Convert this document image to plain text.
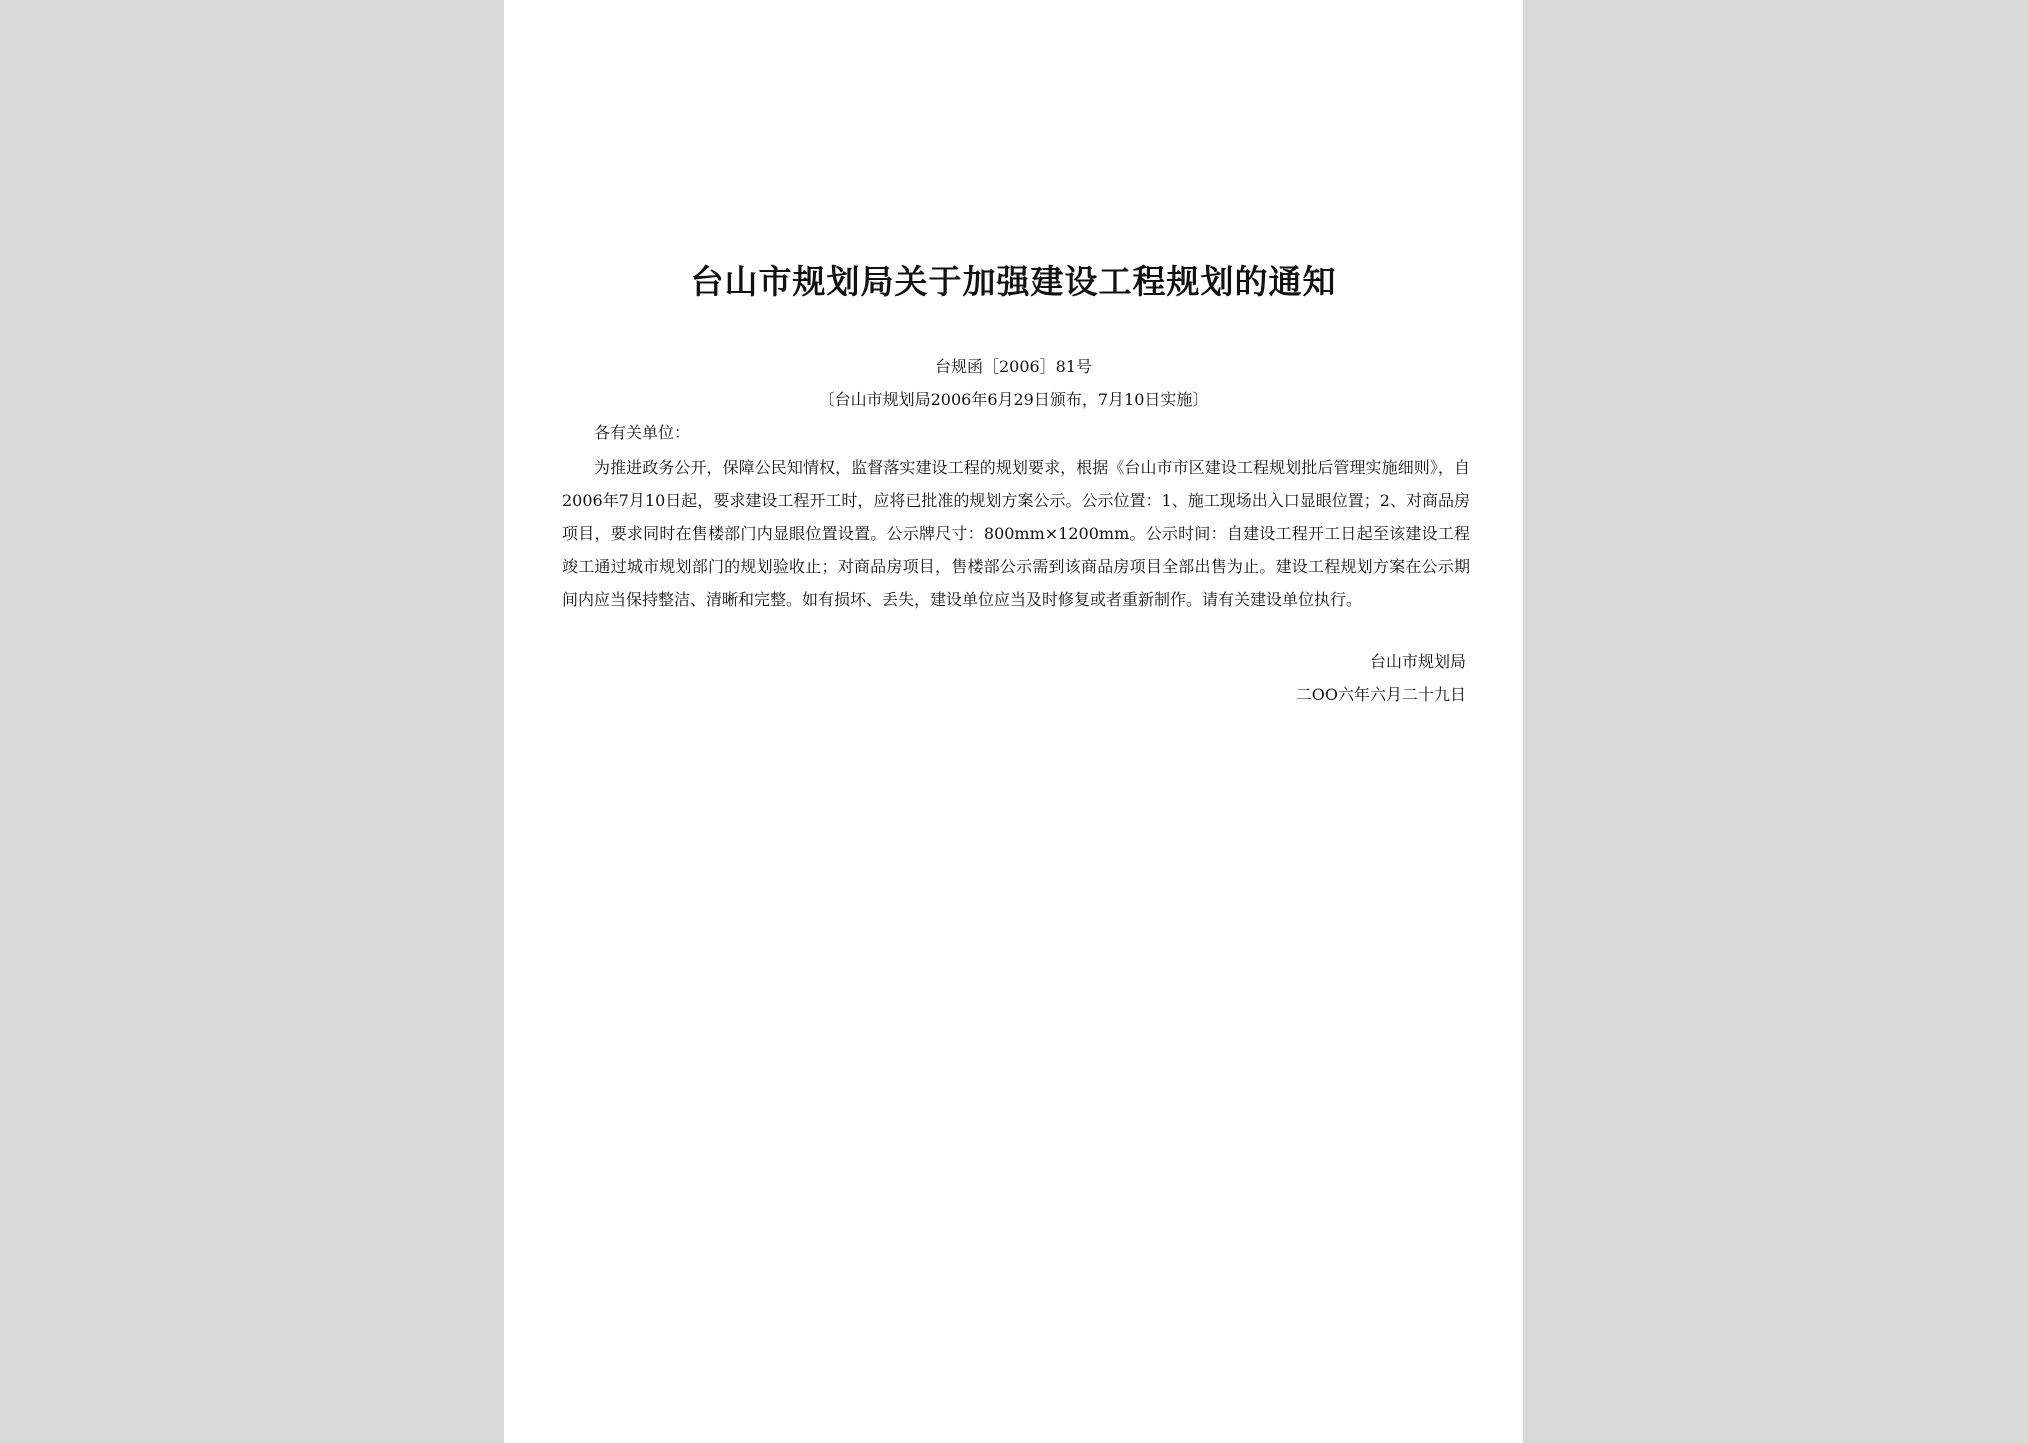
台山市规划局关于加强建设工程规划的通知
台规函［2006］81号
〔台山市规划局2006年6月29日颁布，7月10日实施〕
各有关单位：

为推进政务公开，保障公民知情权，监督落实建设工程的规划要求，根据《台山市市区建设工程规划批后管理实施细则》，自2006年7月10日起，要求建设工程开工时，应将已批准的规划方案公示。公示位置：1、施工现场出入口显眼位置；2、对商品房项目，要求同时在售楼部门内显眼位置设置。公示牌尺寸：800mm×1200mm。公示时间：自建设工程开工日起至该建设工程竣工通过城市规划部门的规划验收止；对商品房项目，售楼部公示需到该商品房项目全部出售为止。建设工程规划方案在公示期间内应当保持整洁、清晰和完整。如有损坏、丢失，建设单位应当及时修复或者重新制作。请有关建设单位执行。

台山市规划局
二ΟΟ六年六月二十九日
